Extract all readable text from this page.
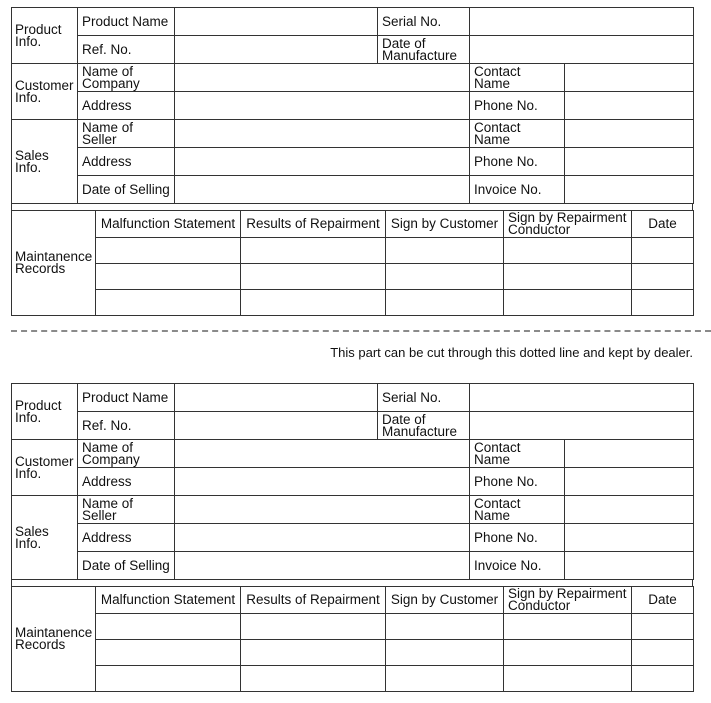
Product Info.	Product Name		Serial No.		
	Ref. No.		Date of Manufacture		
Customer Info.	Name of Company			Contact Name	
	Address			Phone No.	
Sales Info.	Name of Seller			Contact Name	
	Address			Phone No.	
	Date of Selling			Invoice No.	
Maintanence Records	Malfunction Statement	Results of Repairment	Sign by Customer	Sign by Repairment Conductor	Date

This part can be cut through this dotted line and kept by dealer.
Product Info.	Product Name		Serial No.		
	Ref. No.		Date of Manufacture		
Customer Info.	Name of Company			Contact Name	
	Address			Phone No.	
Sales Info.	Name of Seller			Contact Name	
	Address			Phone No.	
	Date of Selling			Invoice No.	
Maintanence Records	Malfunction Statement	Results of Repairment	Sign by Customer	Sign by Repairment Conductor	Date
